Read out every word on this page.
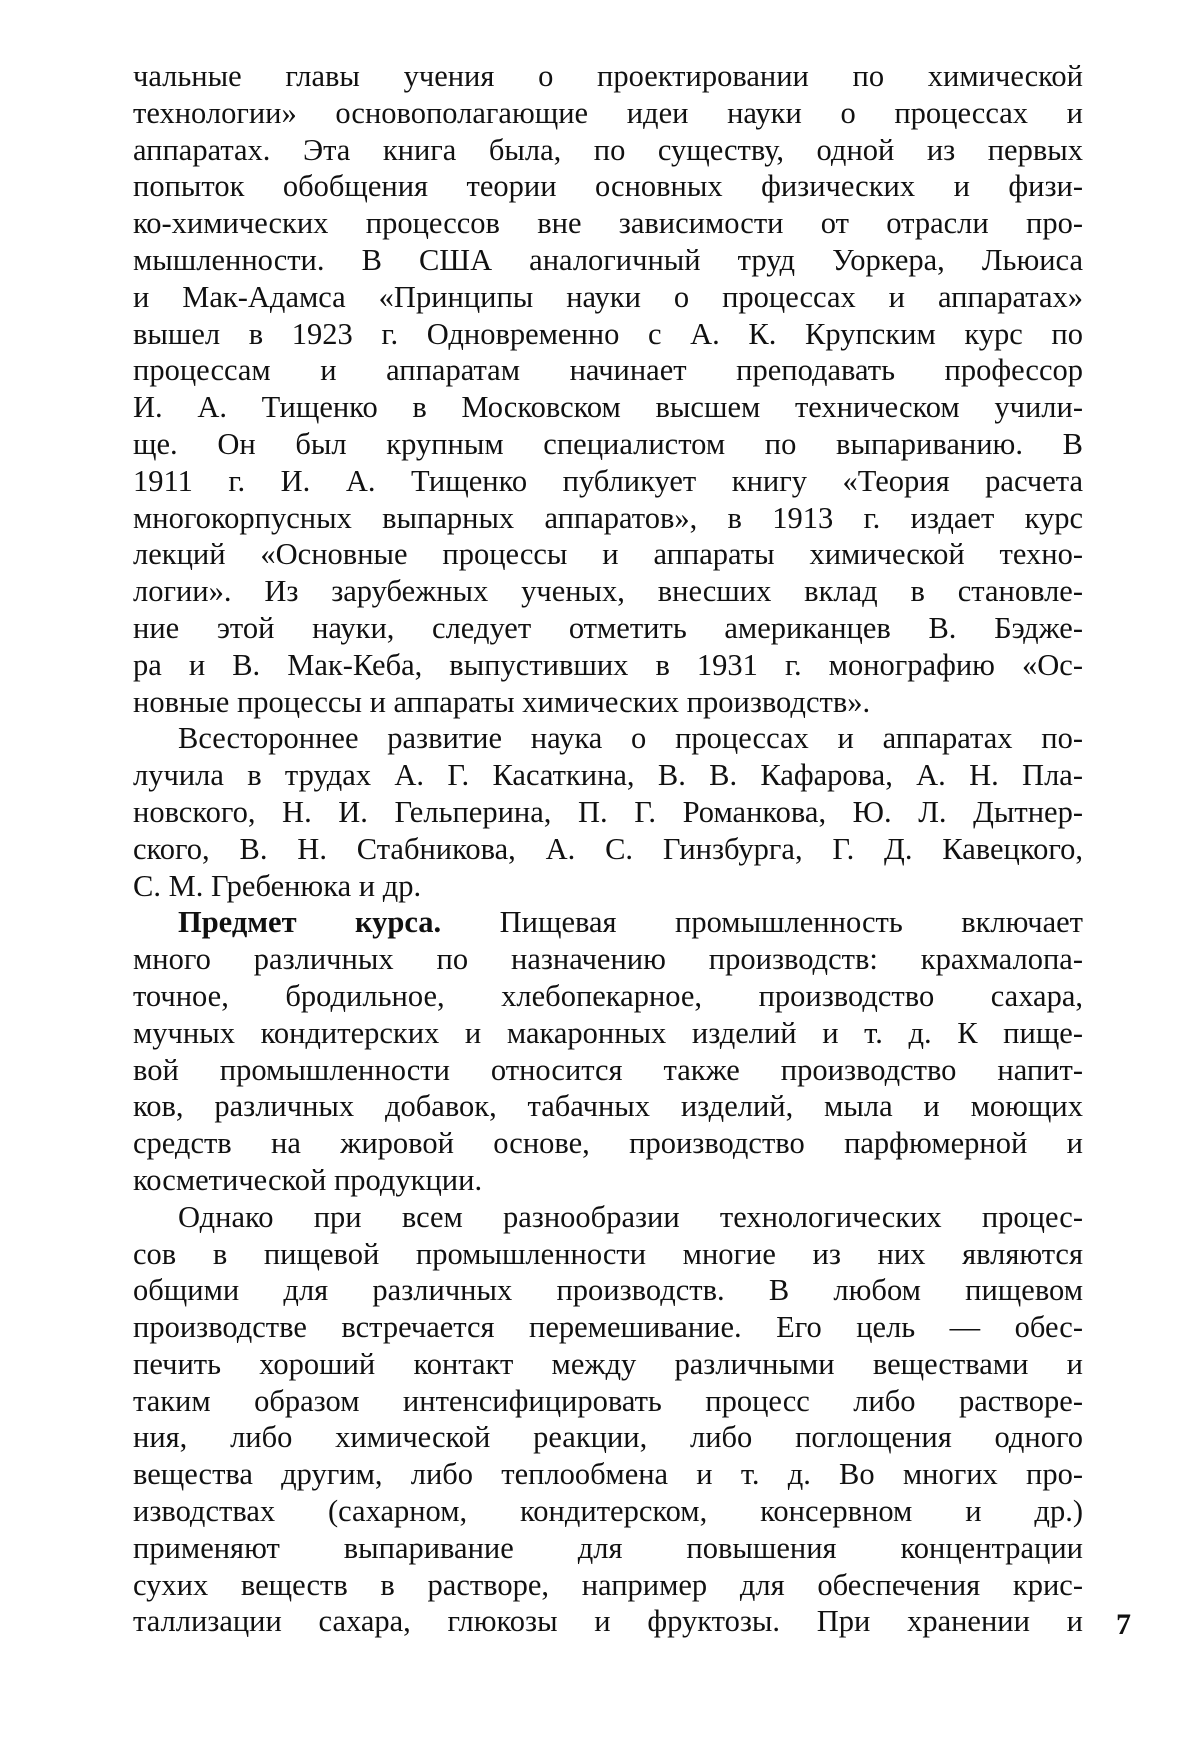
чальные главы учения о проектировании по химической
технологии» основополагающие идеи науки о процессах и
аппаратах. Эта книга была, по существу, одной из первых
попыток обобщения теории основных физических и физи-
ко-химических процессов вне зависимости от отрасли про-
мышленности. В США аналогичный труд Уоркера, Льюиса
и Мак-Адамса «Принципы науки о процессах и аппаратах»
вышел в 1923 г. Одновременно с А. К. Крупским курс по
процессам и аппаратам начинает преподавать профессор
И. А. Тищенко в Московском высшем техническом учили-
ще. Он был крупным специалистом по выпариванию. В
1911 г. И. А. Тищенко публикует книгу «Теория расчета
многокорпусных выпарных аппаратов», в 1913 г. издает курс
лекций «Основные процессы и аппараты химической техно-
логии». Из зарубежных ученых, внесших вклад в становле-
ние этой науки, следует отметить американцев В. Бэдже-
ра и В. Мак-Кеба, выпустивших в 1931 г. монографию «Ос-
новные процессы и аппараты химических производств».
Всестороннее развитие наука о процессах и аппаратах по-
лучила в трудах А. Г. Касаткина, В. В. Кафарова, А. Н. Пла-
новского, Н. И. Гельперина, П. Г. Романкова, Ю. Л. Дытнер-
ского, В. Н. Стабникова, А. С. Гинзбурга, Г. Д. Кавецкого,
С. М. Гребенюка и др.
Предмет курса. Пищевая промышленность включает
много различных по назначению производств: крахмалопа-
точное, бродильное, хлебопекарное, производство сахара,
мучных кондитерских и макаронных изделий и т. д. К пище-
вой промышленности относится также производство напит-
ков, различных добавок, табачных изделий, мыла и моющих
средств на жировой основе, производство парфюмерной и
косметической продукции.
Однако при всем разнообразии технологических процес-
сов в пищевой промышленности многие из них являются
общими для различных производств. В любом пищевом
производстве встречается перемешивание. Его цель — обес-
печить хороший контакт между различными веществами и
таким образом интенсифицировать процесс либо растворе-
ния, либо химической реакции, либо поглощения одного
вещества другим, либо теплообмена и т. д. Во многих про-
изводствах (сахарном, кондитерском, консервном и др.)
применяют выпаривание для повышения концентрации
сухих веществ в растворе, например для обеспечения крис-
таллизации сахара, глюкозы и фруктозы. При хранении и 7
